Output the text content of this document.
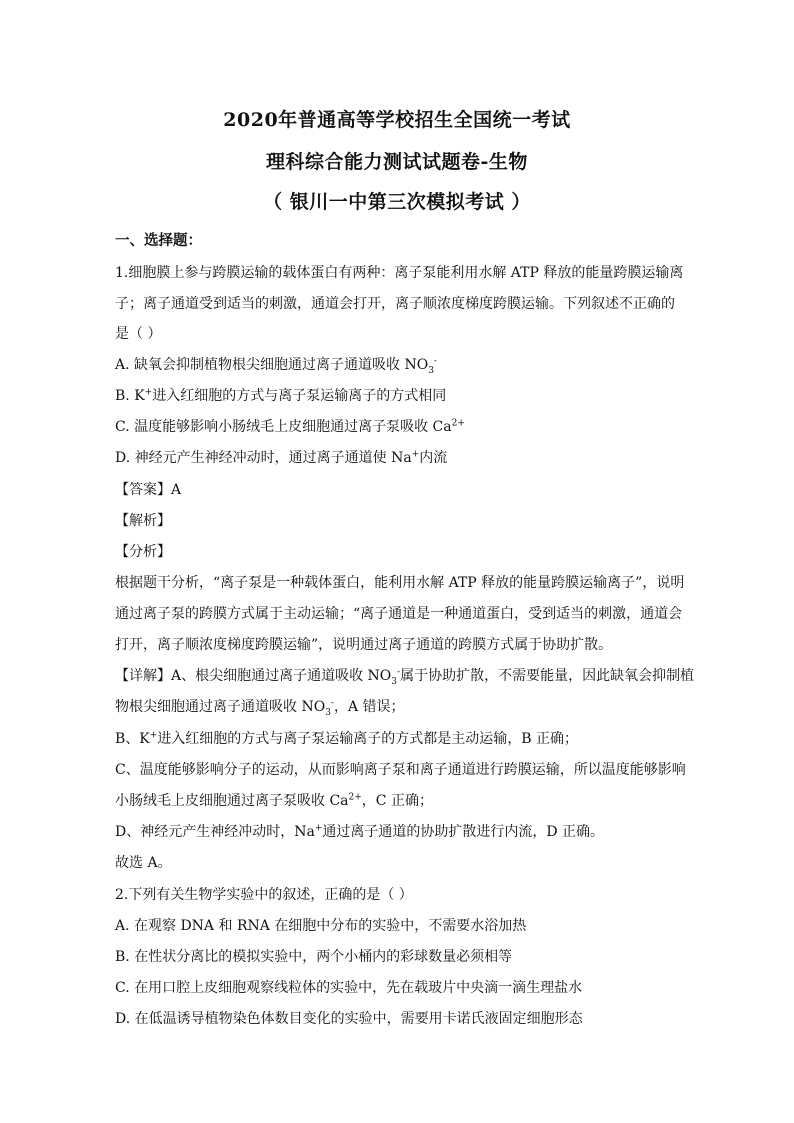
2020年普通高等学校招生全国统一考试
理科综合能力测试试题卷-生物
（ 银川一中第三次模拟考试 ）
一、选择题：
1.细胞膜上参与跨膜运输的载体蛋白有两种：离子泵能利用水解 ATP 释放的能量跨膜运输离
子；离子通道受到适当的刺激，通道会打开，离子顺浓度梯度跨膜运输。下列叙述不正确的
是（ ）
A. 缺氧会抑制植物根尖细胞通过离子通道吸收 $NO_3^-$
B. K+进入红细胞的方式与离子泵运输离子的方式相同
C. 温度能够影响小肠绒毛上皮细胞通过离子泵吸收 $Ca^{2+}$
D. 神经元产生神经冲动时，通过离子通道使 Na+内流
【答案】A
【解析】
【分析】
根据题干分析，“离子泵是一种载体蛋白，能利用水解 ATP 释放的能量跨膜运输离子”，说明
通过离子泵的跨膜方式属于主动运输；“离子通道是一种通道蛋白，受到适当的刺激，通道会
打开，离子顺浓度梯度跨膜运输”，说明通过离子通道的跨膜方式属于协助扩散。
【详解】A、根尖细胞通过离子通道吸收 $NO_3^-$属于协助扩散，不需要能量，因此缺氧会抑制植
物根尖细胞通过离子通道吸收 $NO_3^-$，A 错误；
B、K+进入红细胞的方式与离子泵运输离子的方式都是主动运输，B 正确；
C、温度能够影响分子的运动，从而影响离子泵和离子通道进行跨膜运输，所以温度能够影响
小肠绒毛上皮细胞通过离子泵吸收 $Ca^{2+}$，C 正确；
D、神经元产生神经冲动时，Na+通过离子通道的协助扩散进行内流，D 正确。
故选 A。
2.下列有关生物学实验中的叙述，正确的是（ ）
A. 在观察 DNA 和 RNA 在细胞中分布的实验中，不需要水浴加热
B. 在性状分离比的模拟实验中，两个小桶内的彩球数量必须相等
C. 在用口腔上皮细胞观察线粒体的实验中，先在载玻片中央滴一滴生理盐水
D. 在低温诱导植物染色体数目变化的实验中，需要用卡诺氏液固定细胞形态
